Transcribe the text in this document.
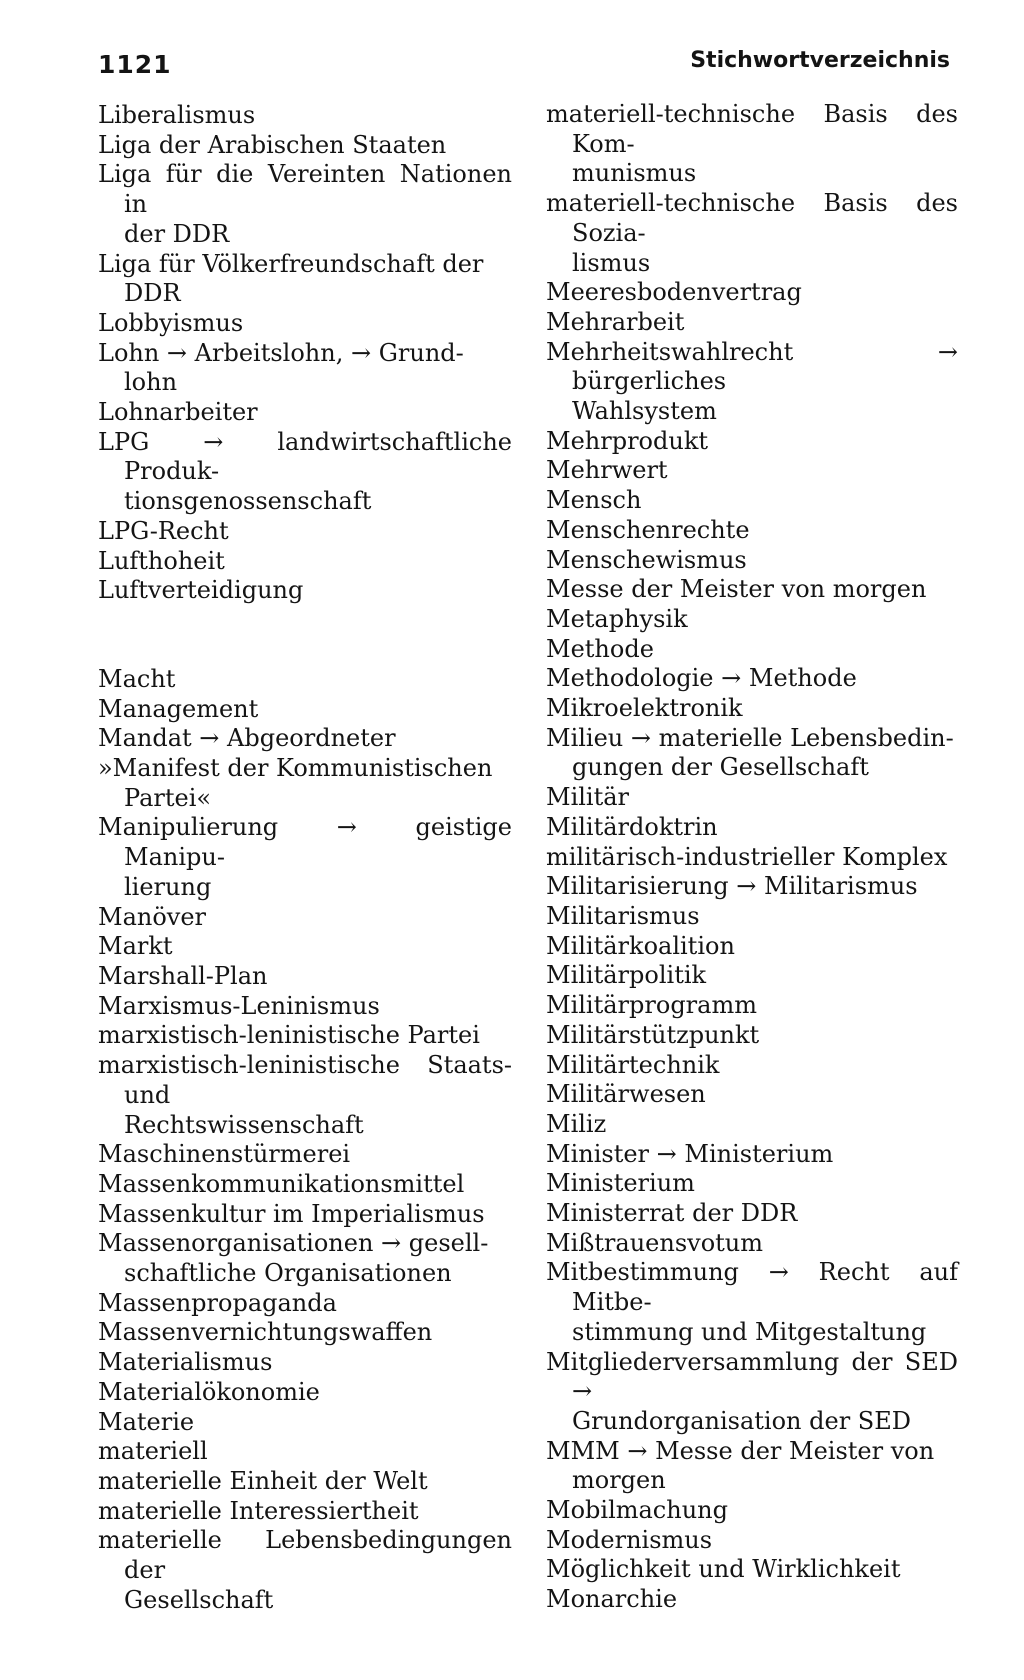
1121	Stichwortverzeichnis
Liberalismus
Liga der Arabischen Staaten
Liga für die Vereinten Nationen in
der DDR
Liga für Völkerfreundschaft der
DDR
Lobbyismus
Lohn → Arbeitslohn, → Grund-
lohn
Lohnarbeiter
LPG → landwirtschaftliche Produk-
tionsgenossenschaft
LPG-Recht
Lufthoheit
Luftverteidigung
Macht
Management
Mandat → Abgeordneter
»Manifest der Kommunistischen
Partei«
Manipulierung → geistige Manipu-
lierung
Manöver
Markt
Marshall-Plan
Marxismus-Leninismus
marxistisch-leninistische Partei
marxistisch-leninistische Staats- und
Rechtswissenschaft
Maschinenstürmerei
Massenkommunikationsmittel
Massenkultur im Imperialismus
Massenorganisationen → gesell-
schaftliche Organisationen
Massenpropaganda
Massenvernichtungswaffen
Materialismus
Materialökonomie
Materie
materiell
materielle Einheit der Welt
materielle Interessiertheit
materielle Lebensbedingungen der
Gesellschaft
materiell-technische Basis des Kom-
munismus
materiell-technische Basis des Sozia-
lismus
Meeresbodenvertrag
Mehrarbeit
Mehrheitswahlrecht → bürgerliches
Wahlsystem
Mehrprodukt
Mehrwert
Mensch
Menschenrechte
Menschewismus
Messe der Meister von morgen
Metaphysik
Methode
Methodologie → Methode
Mikroelektronik
Milieu → materielle Lebensbedin-
gungen der Gesellschaft
Militär
Militärdoktrin
militärisch-industrieller Komplex
Militarisierung → Militarismus
Militarismus
Militärkoalition
Militärpolitik
Militärprogramm
Militärstützpunkt
Militärtechnik
Militärwesen
Miliz
Minister → Ministerium
Ministerium
Ministerrat der DDR
Mißtrauensvotum
Mitbestimmung → Recht auf Mitbe-
stimmung und Mitgestaltung
Mitgliederversammlung der SED →
Grundorganisation der SED
MMM → Messe der Meister von
morgen
Mobilmachung
Modernismus
Möglichkeit und Wirklichkeit
Monarchie
